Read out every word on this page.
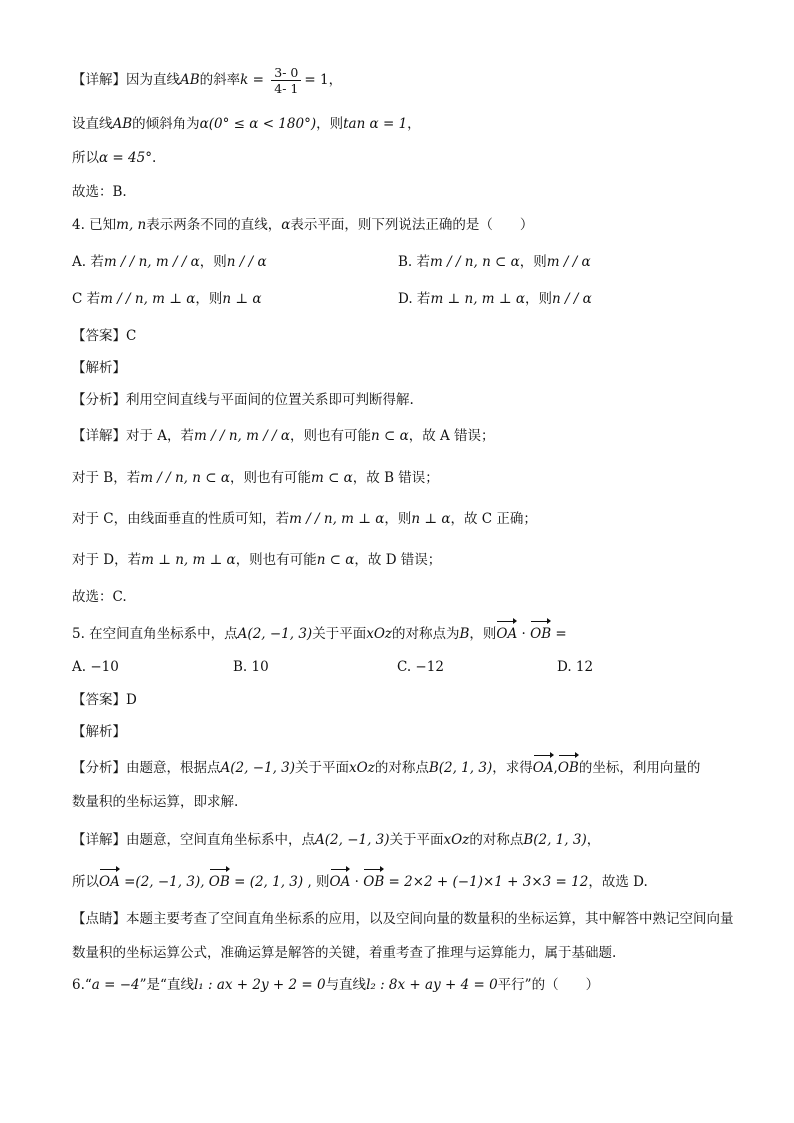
【详解】因为直线AB的斜率$k = \frac{3- 0}{4- 1} = 1$，
设直线AB的倾斜角为α(0° ≤ α < 180°)，则tan α = 1，
所以α = 45°.
故选：B.
4. 已知m, n表示两条不同的直线，α表示平面，则下列说法正确的是（　　）
A. 若m / / n, m / / α，则n / / α	B. 若m / / n, n ⊂ α，则m / / α
C 若m / / n, m ⊥ α，则n ⊥ α	D. 若m ⊥ n, m ⊥ α，则n / / α
【答案】C
【解析】
【分析】利用空间直线与平面间的位置关系即可判断得解.
【详解】对于 A，若m / / n, m / / α，则也有可能n ⊂ α，故 A 错误；
对于 B，若m / / n, n ⊂ α，则也有可能m ⊂ α，故 B 错误；
对于 C，由线面垂直的性质可知，若m / / n, m ⊥ α，则n ⊥ α，故 C 正确；
对于 D，若m ⊥ n, m ⊥ α，则也有可能n ⊂ α，故 D 错误；
故选：C.
5. 在空间直角坐标系中，点A(2, −1, 3)关于平面xOz的对称点为B，则OA · OB =
A. −10	B. 10	C. −12	D. 12
【答案】D
【解析】
【分析】由题意，根据点A(2, −1, 3)关于平面xOz的对称点B(2, 1, 3)，求得OA,OB的坐标，利用向量的
数量积的坐标运算，即求解.
【详解】由题意，空间直角坐标系中，点A(2, −1, 3)关于平面xOz的对称点B(2, 1, 3)，
所以OA =(2, −1, 3), OB = (2, 1, 3) , 则OA · OB = 2×2 + (−1)×1 + 3×3 = 12，故选 D.
【点睛】本题主要考查了空间直角坐标系的应用，以及空间向量的数量积的坐标运算，其中解答中熟记空间向量数量积的坐标运算公式，准确运算是解答的关键，着重考查了推理与运算能力，属于基础题.
6.“a = −4”是“直线l₁ : ax + 2y + 2 = 0与直线l₂ : 8x + ay + 4 = 0平行”的（　　）
